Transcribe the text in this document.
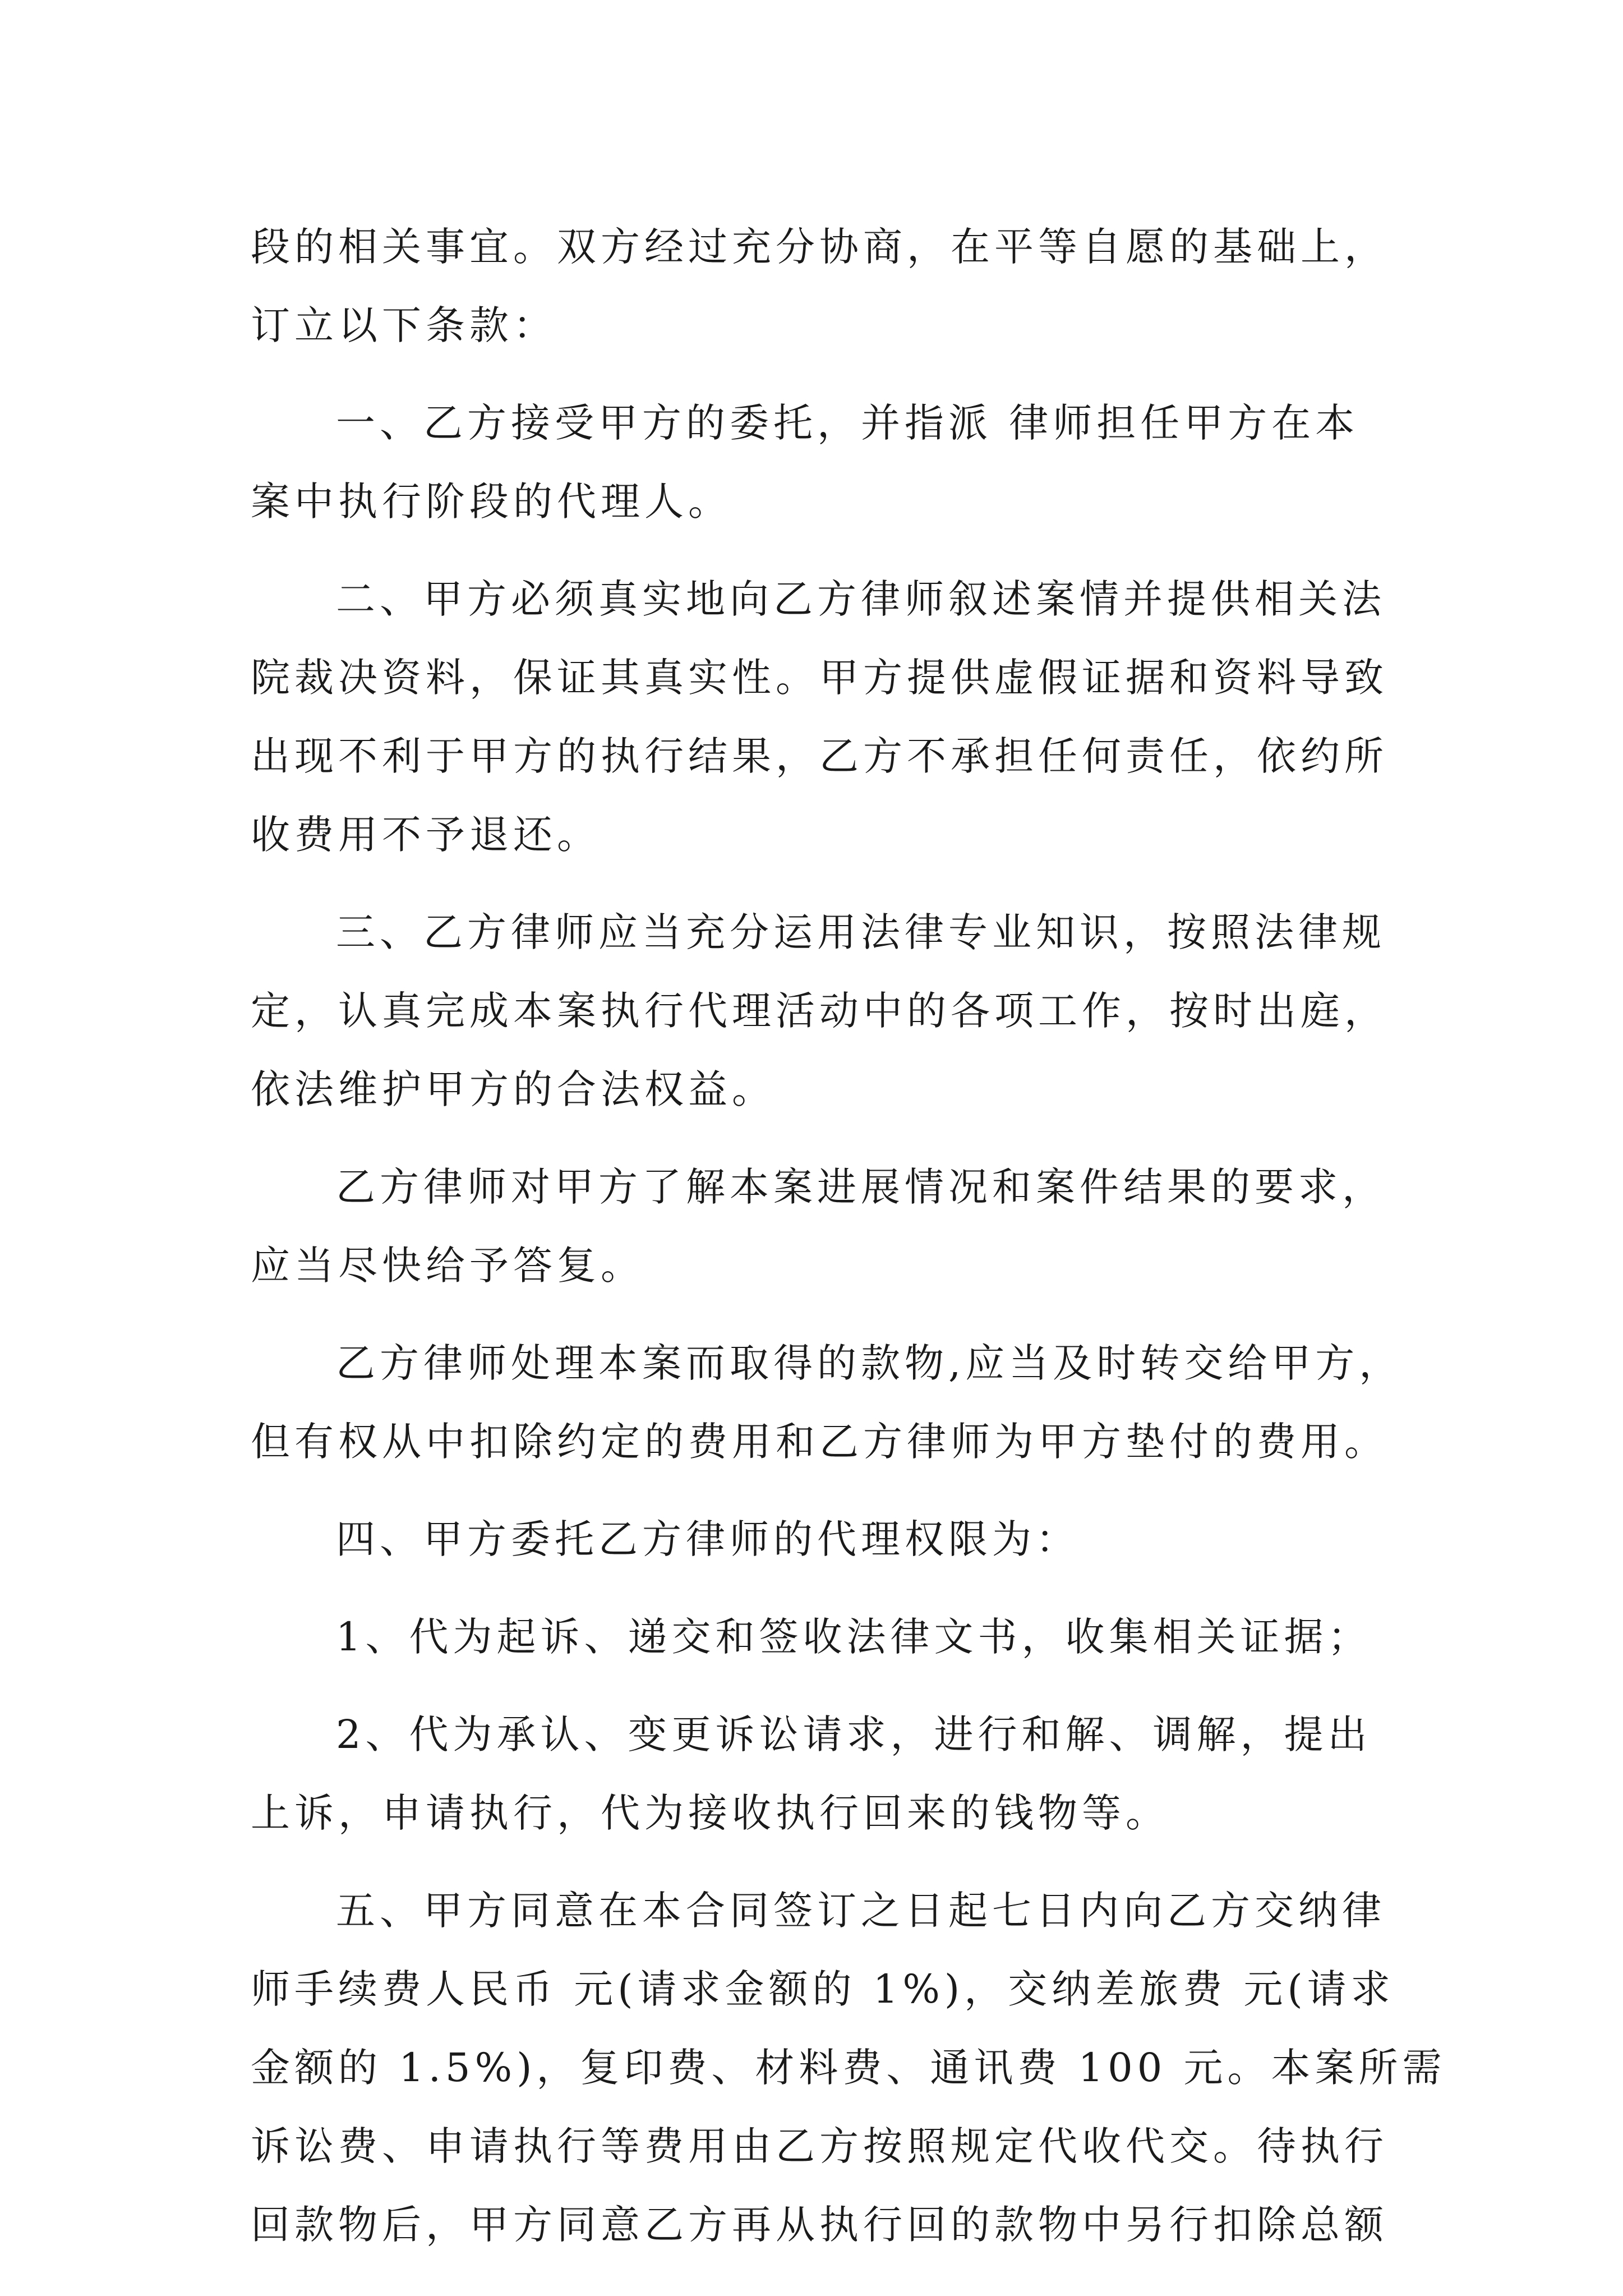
段的相关事宜。双方经过充分协商，在平等自愿的基础上，
订立以下条款：
一、乙方接受甲方的委托，并指派 律师担任甲方在本
案中执行阶段的代理人。
二、甲方必须真实地向乙方律师叙述案情并提供相关法
院裁决资料，保证其真实性。甲方提供虚假证据和资料导致
出现不利于甲方的执行结果，乙方不承担任何责任，依约所
收费用不予退还。
三、乙方律师应当充分运用法律专业知识，按照法律规
定，认真完成本案执行代理活动中的各项工作，按时出庭，
依法维护甲方的合法权益。
乙方律师对甲方了解本案进展情况和案件结果的要求，
应当尽快给予答复。
乙方律师处理本案而取得的款物,应当及时转交给甲方，
但有权从中扣除约定的费用和乙方律师为甲方垫付的费用。
四、甲方委托乙方律师的代理权限为：
1、代为起诉、递交和签收法律文书，收集相关证据；
2、代为承认、变更诉讼请求，进行和解、调解，提出
上诉，申请执行，代为接收执行回来的钱物等。
五、甲方同意在本合同签订之日起七日内向乙方交纳律
师手续费人民币 元(请求金额的 1%)，交纳差旅费 元(请求
金额的 1.5%)，复印费、材料费、通讯费 100 元。本案所需
诉讼费、申请执行等费用由乙方按照规定代收代交。待执行
回款物后，甲方同意乙方再从执行回的款物中另行扣除总额
